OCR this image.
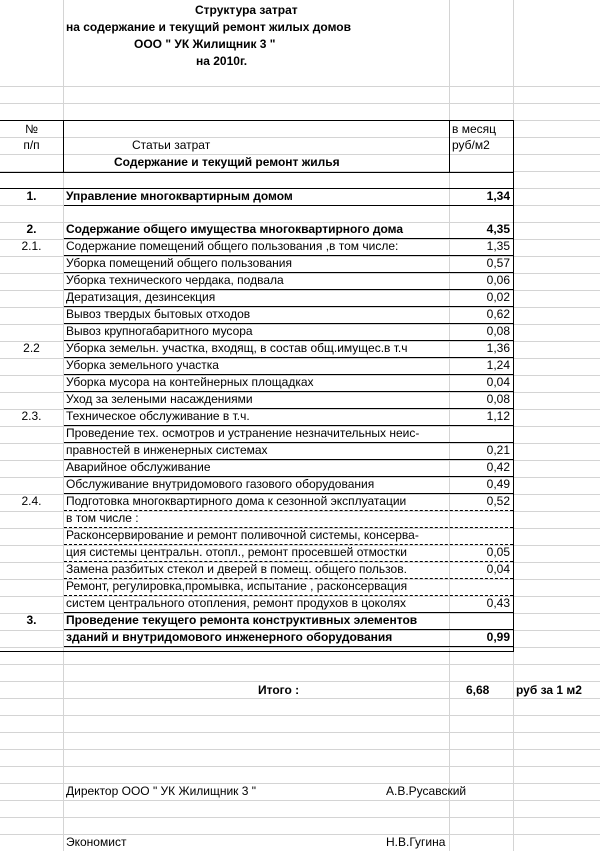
Структура затрат
на содержание и текущий ремонт жилых домов
ООО " УК Жилищник 3 "
на 2010г.
№
п/п	Статьи затрат
в месяц
руб/м2
Содержание и текущий ремонт жилья
1.	Управление многоквартирным домом	1,34
2.	Содержание общего имущества многоквартирного дома	4,35
2.1.	Содержание помещений общего пользования ,в том числе:	1,35
Уборка помещений общего пользования	0,57
Уборка технического чердака, подвала	0,06
Дератизация, дезинсекция	0,02
Вывоз твердых бытовых отходов	0,62
Вывоз крупногабаритного мусора	0,08
2.2	Уборка земельн. участка, входящ, в состав общ.имущес.в т.ч	1,36
Уборка земельного участка	1,24
Уборка мусора на контейнерных площадках	0,04
Уход за зелеными насаждениями	0,08
2.3.	Техническое обслуживание в т.ч.	1,12
Проведение тех. осмотров и устранение незначительных неис-
правностей в инженерных системах	0,21
Аварийное обслуживание	0,42
Обслуживание внутридомового газового оборудования	0,49
2.4.	Подготовка многоквартирного дома к сезонной эксплуатации	0,52
в том числе :
Расконсервирование и ремонт поливочной системы, консерва-
ция системы центральн. отопл., ремонт просевшей отмостки	0,05
Замена разбитых стекол и дверей в помещ. общего пользов.	0,04
Ремонт, регулировка,промывка, испытание , расконсервация
систем центрального отопления, ремонт продухов в цоколях	0,43
3.	Проведение текущего ремонта конструктивных элементов
зданий и внутридомового инженерного оборудования	0,99
Итого :	6,68 руб за 1 м2
Директор ООО " УК Жилищник 3 "	А.В.Русавский
Экономист	Н.В.Гугина
